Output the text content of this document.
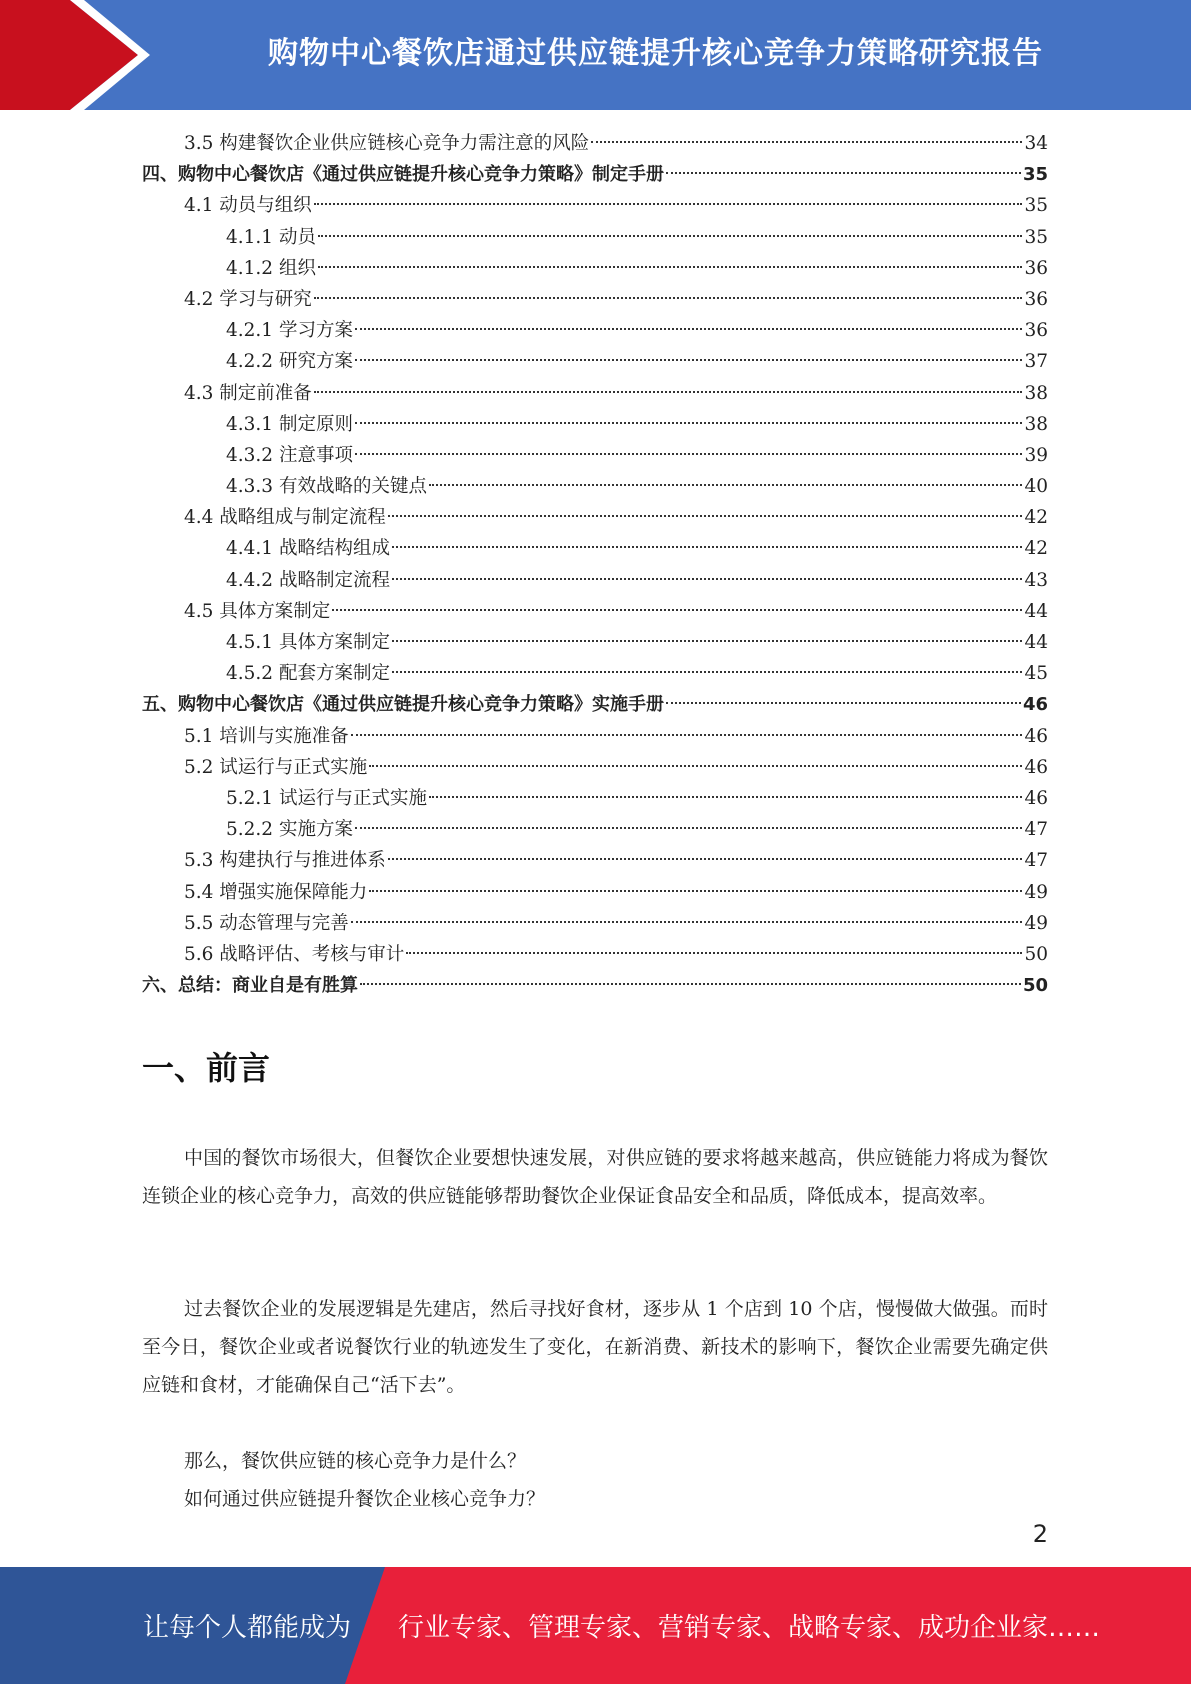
购物中心餐饮店通过供应链提升核心竞争力策略研究报告
3.5 构建餐饮企业供应链核心竞争力需注意的风险	34
四、购物中心餐饮店《通过供应链提升核心竞争力策略》制定手册	35
4.1 动员与组织	35
4.1.1 动员	35
4.1.2 组织	36
4.2 学习与研究	36
4.2.1 学习方案	36
4.2.2 研究方案	37
4.3 制定前准备	38
4.3.1 制定原则	38
4.3.2 注意事项	39
4.3.3 有效战略的关键点	40
4.4 战略组成与制定流程	42
4.4.1 战略结构组成	42
4.4.2 战略制定流程	43
4.5 具体方案制定	44
4.5.1 具体方案制定	44
4.5.2 配套方案制定	45
五、购物中心餐饮店《通过供应链提升核心竞争力策略》实施手册	46
5.1 培训与实施准备	46
5.2 试运行与正式实施	46
5.2.1 试运行与正式实施	46
5.2.2 实施方案	47
5.3 构建执行与推进体系	47
5.4 增强实施保障能力	49
5.5 动态管理与完善	49
5.6 战略评估、考核与审计	50
六、总结：商业自是有胜算	50
一、前言

中国的餐饮市场很大，但餐饮企业要想快速发展，对供应链的要求将越来越高，供应链能力将成为餐饮连锁企业的核心竞争力，高效的供应链能够帮助餐饮企业保证食品安全和品质，降低成本，提高效率。

过去餐饮企业的发展逻辑是先建店，然后寻找好食材，逐步从 1 个店到 10 个店，慢慢做大做强。而时至今日，餐饮企业或者说餐饮行业的轨迹发生了变化，在新消费、新技术的影响下，餐饮企业需要先确定供应链和食材，才能确保自己“活下去”。

那么，餐饮供应链的核心竞争力是什么？

如何通过供应链提升餐饮企业核心竞争力？

2
让每个人都能成为 行业专家、管理专家、营销专家、战略专家、成功企业家……
